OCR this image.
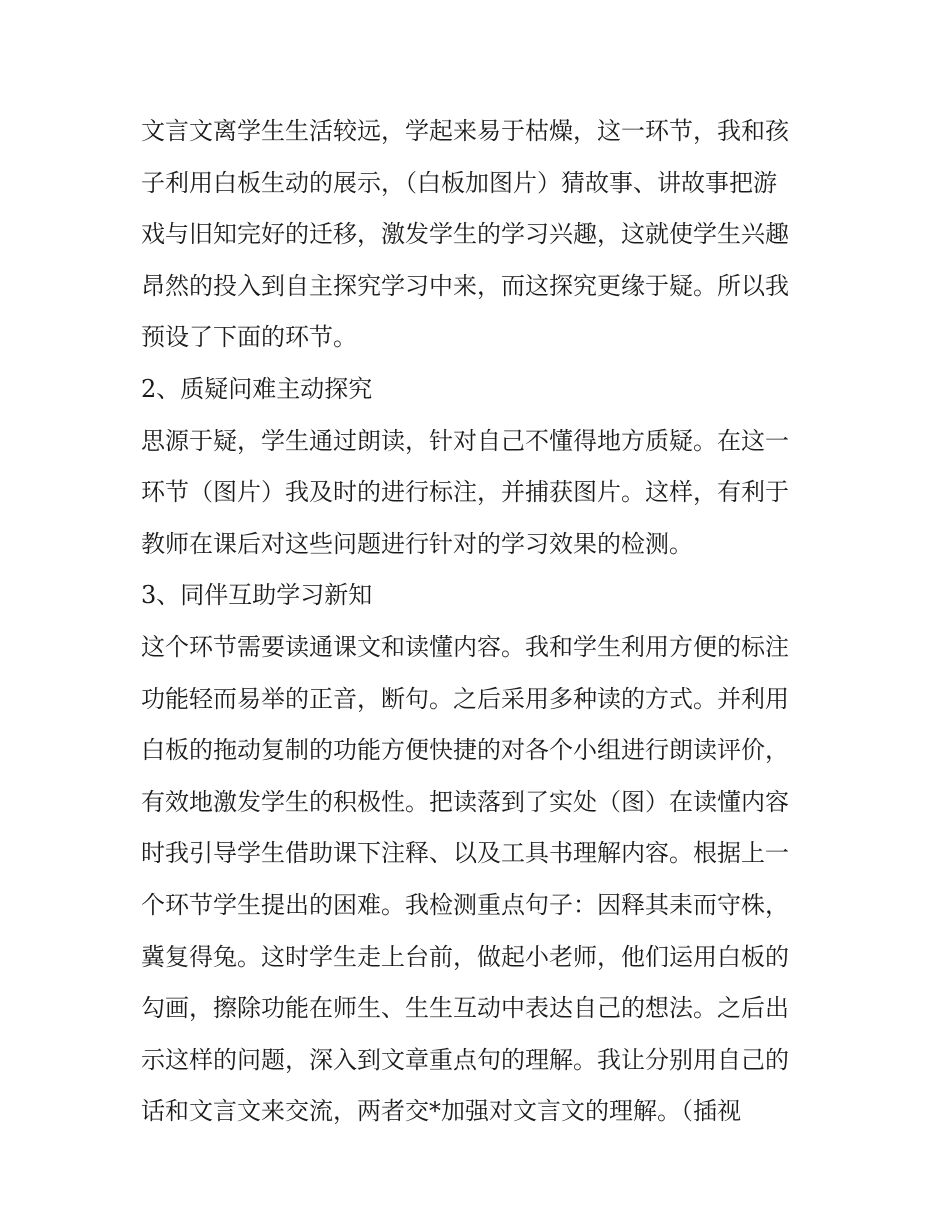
文言文离学生生活较远，学起来易于枯燥，这一环节，我和孩
子利用白板生动的展示，（白板加图片）猜故事、讲故事把游
戏与旧知完好的迁移，激发学生的学习兴趣，这就使学生兴趣
昂然的投入到自主探究学习中来，而这探究更缘于疑。所以我
预设了下面的环节。
2、质疑问难主动探究
思源于疑，学生通过朗读，针对自己不懂得地方质疑。在这一
环节（图片）我及时的进行标注，并捕获图片。这样，有利于
教师在课后对这些问题进行针对的学习效果的检测。
3、同伴互助学习新知
这个环节需要读通课文和读懂内容。我和学生利用方便的标注
功能轻而易举的正音，断句。之后采用多种读的方式。并利用
白板的拖动复制的功能方便快捷的对各个小组进行朗读评价，
有效地激发学生的积极性。把读落到了实处（图）在读懂内容
时我引导学生借助课下注释、以及工具书理解内容。根据上一
个环节学生提出的困难。我检测重点句子：因释其耒而守株，
冀复得兔。这时学生走上台前，做起小老师，他们运用白板的
勾画，擦除功能在师生、生生互动中表达自己的想法。之后出
示这样的问题，深入到文章重点句的理解。我让分别用自己的
话和文言文来交流，两者交*加强对文言文的理解。（插视
